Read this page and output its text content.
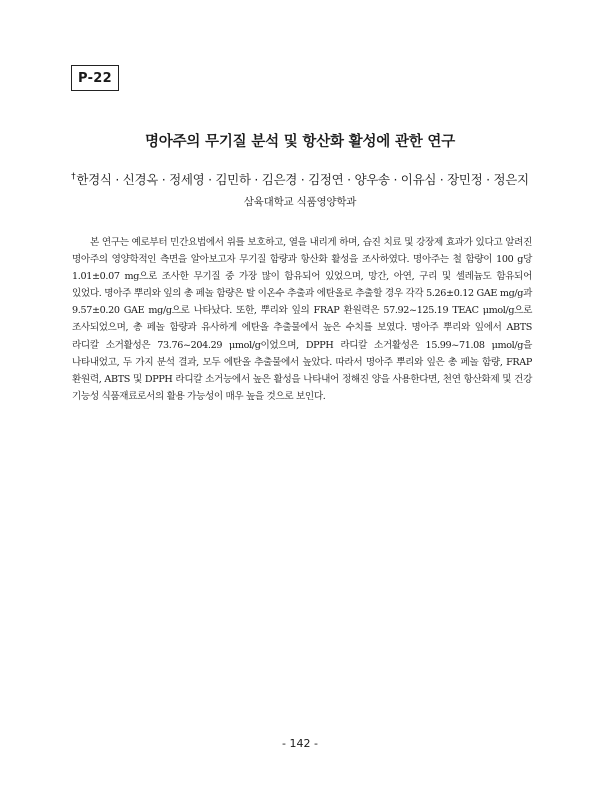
P-22
명아주의 무기질 분석 및 항산화 활성에 관한 연구
†한경식 · 신경옥 · 정세영 · 김민하 · 김은경 · 김정연 · 양우송 · 이유심 · 장민정 · 정은지
삼육대학교 식품영양학과

본 연구는 예로부터 민간요법에서 위를 보호하고, 열을 내리게 하며, 습진 치료 및 강장제 효과가 있다고 알려진 명아주의 영양학적인 측면을 알아보고자 무기질 함량과 항산화 활성을 조사하였다. 명아주는 철 함량이 100 g당 1.01±0.07 mg으로 조사한 무기질 중 가장 많이 함유되어 있었으며, 망간, 아연, 구리 및 셀레늄도 함유되어 있었다. 명아주 뿌리와 잎의 총 페놀 함량은 탈 이온수 추출과 에탄올로 추출할 경우 각각 5.26±0.12 GAE mg/g과 9.57±0.20 GAE mg/g으로 나타났다. 또한, 뿌리와 잎의 FRAP 환원력은 57.92~125.19 TEAC μmol/g으로 조사되었으며, 총 페놀 함량과 유사하게 에탄올 추출물에서 높은 수치를 보였다. 명아주 뿌리와 잎에서 ABTS 라디칼 소거활성은 73.76~204.29 μmol/g이었으며, DPPH 라디칼 소거활성은 15.99~71.08 μmol/g을 나타내었고, 두 가지 분석 결과, 모두 에탄올 추출물에서 높았다. 따라서 명아주 뿌리와 잎은 총 페놀 함량, FRAP 환원력, ABTS 및 DPPH 라디칼 소거능에서 높은 활성을 나타내어 정해진 양을 사용한다면, 천연 항산화제 및 건강 기능성 식품재료로서의 활용 가능성이 매우 높을 것으로 보인다.

- 142 -
